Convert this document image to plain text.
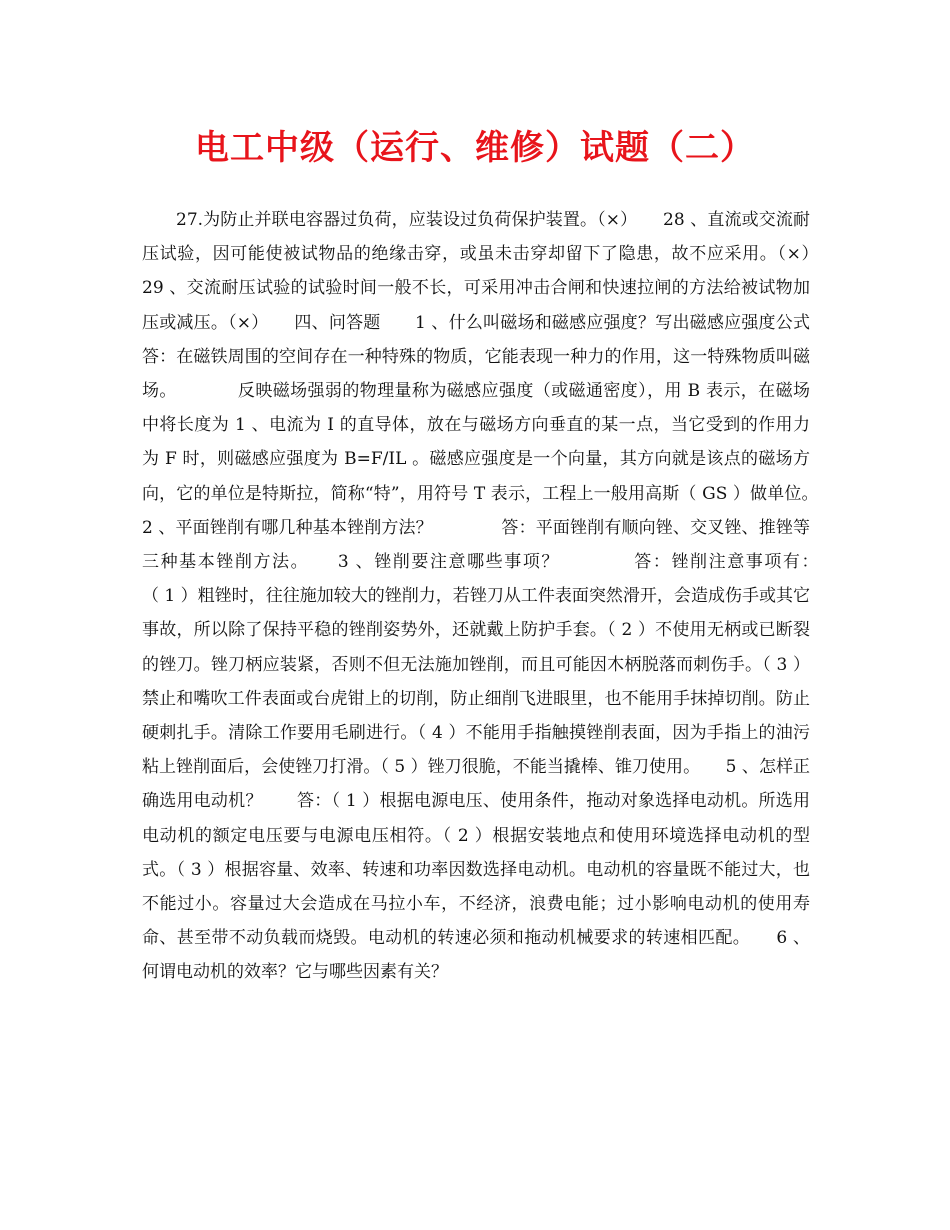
电工中级（运行、维修）试题（二）

27.为防止并联电容器过负荷，应装设过负荷保护装置。（×）　　28 、直流或交流耐压试验，因可能使被试物品的绝缘击穿，或虽未击穿却留下了隐患，故不应采用。（×）　　29 、交流耐压试验的试验时间一般不长，可采用冲击合闸和快速拉闸的方法给被试物加压或减压。（×）　　四、问答题　　1 、什么叫磁场和磁感应强度？写出磁感应强度公式　　　　答：在磁铁周围的空间存在一种特殊的物质，它能表现一种力的作用，这一特殊物质叫磁场。　　　　反映磁场强弱的物理量称为磁感应强度（或磁通密度），用 B 表示，在磁场中将长度为 1 、电流为 I 的直导体，放在与磁场方向垂直的某一点，当它受到的作用力为 F 时，则磁感应强度为 B=F/IL 。磁感应强度是一个向量，其方向就是该点的磁场方向，它的单位是特斯拉，简称“特”，用符号 T 表示，工程上一般用高斯（ GS ）做单位。　　2 、平面锉削有哪几种基本锉削方法？　　　　答：平面锉削有顺向锉、交叉锉、推锉等三种基本锉削方法。　　3 、锉削要注意哪些事项？　　　　答：锉削注意事项有：　　　　（ 1 ）粗锉时，往往施加较大的锉削力，若锉刀从工件表面突然滑开，会造成伤手或其它事故，所以除了保持平稳的锉削姿势外，还就戴上防护手套。（ 2 ）不使用无柄或已断裂的锉刀。锉刀柄应装紧，否则不但无法施加锉削，而且可能因木柄脱落而刺伤手。（ 3 ）禁止和嘴吹工件表面或台虎钳上的切削，防止细削飞进眼里，也不能用手抹掉切削。防止硬刺扎手。清除工作要用毛刷进行。（ 4 ）不能用手指触摸锉削表面，因为手指上的油污粘上锉削面后，会使锉刀打滑。（ 5 ）锉刀很脆，不能当撬棒、锥刀使用。　　5 、怎样正确选用电动机？　　答：（ 1 ）根据电源电压、使用条件，拖动对象选择电动机。所选用电动机的额定电压要与电源电压相符。（ 2 ）根据安装地点和使用环境选择电动机的型式。（ 3 ）根据容量、效率、转速和功率因数选择电动机。电动机的容量既不能过大，也不能过小。容量过大会造成在马拉小车，不经济，浪费电能；过小影响电动机的使用寿命、甚至带不动负载而烧毁。电动机的转速必须和拖动机械要求的转速相匹配。　　6 、何谓电动机的效率？它与哪些因素有关？
